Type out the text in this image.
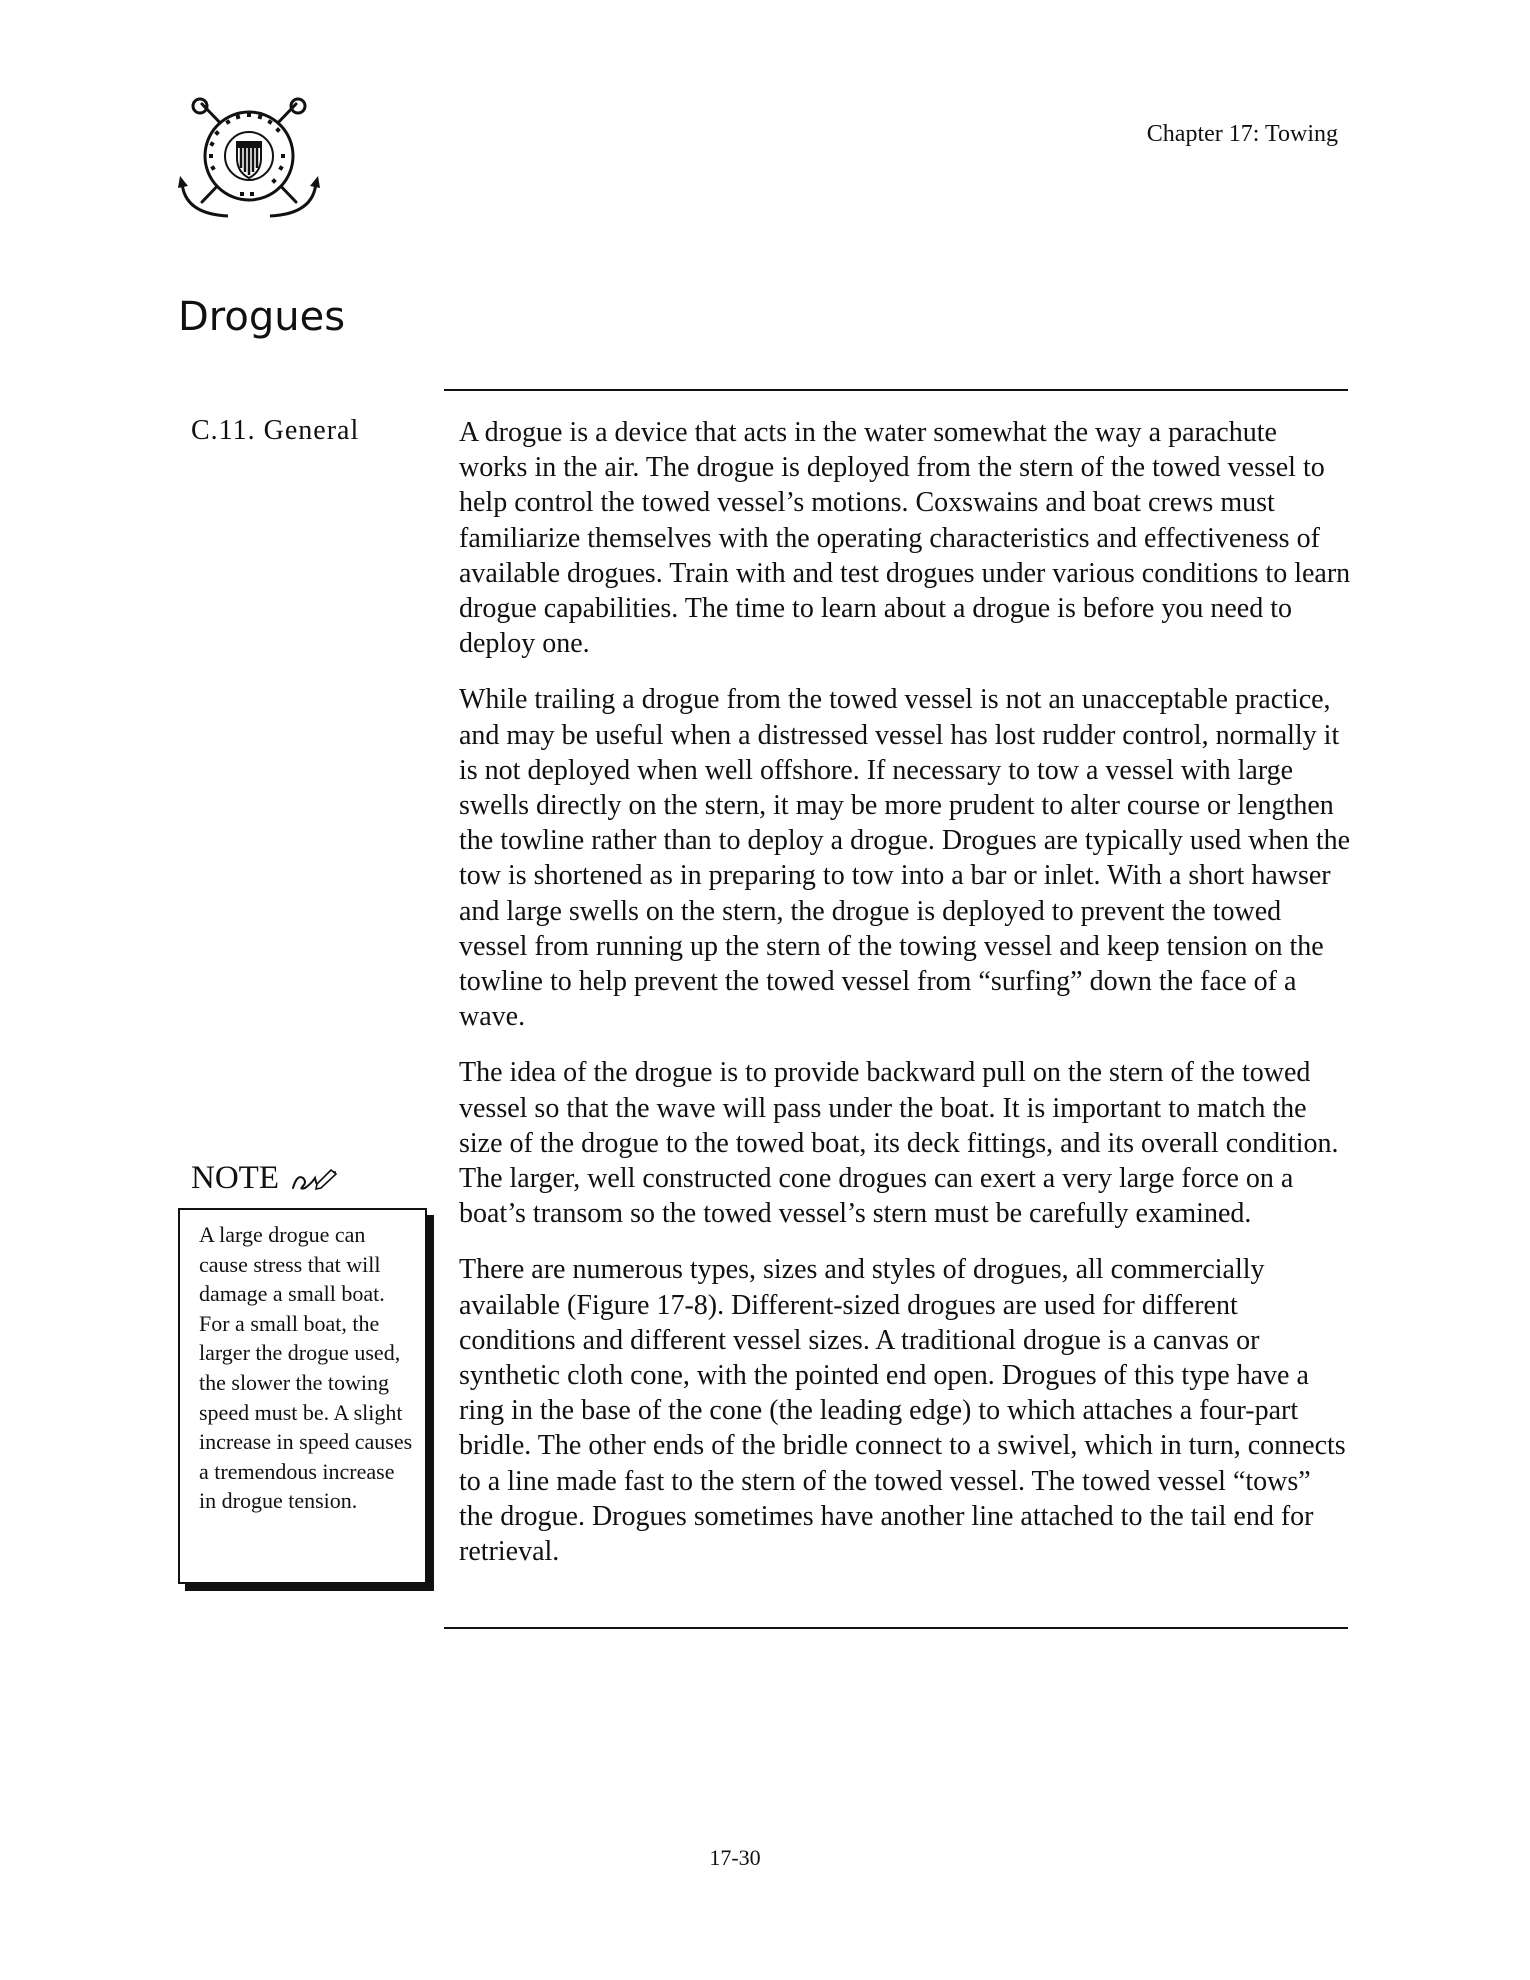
Chapter 17: Towing
Drogues
C.11. General	A drogue is a device that acts in the water somewhat the way a parachute works in the air. The drogue is deployed from the stern of the towed vessel to help control the towed vessel’s motions. Coxswains and boat crews must familiarize themselves with the operating characteristics and effectiveness of available drogues. Train with and test drogues under various conditions to learn drogue capabilities. The time to learn about a drogue is before you need to deploy one.

While trailing a drogue from the towed vessel is not an unacceptable practice, and may be useful when a distressed vessel has lost rudder control, normally it is not deployed when well offshore. If necessary to tow a vessel with large swells directly on the stern, it may be more prudent to alter course or lengthen the towline rather than to deploy a drogue. Drogues are typically used when the tow is shortened as in preparing to tow into a bar or inlet. With a short hawser and large swells on the stern, the drogue is deployed to prevent the towed vessel from running up the stern of the towing vessel and keep tension on the towline to help prevent the towed vessel from “surfing” down the face of a wave.

The idea of the drogue is to provide backward pull on the stern of the towed vessel so that the wave will pass under the boat. It is important to match the size of the drogue to the towed boat, its deck fittings, and its overall condition. The larger, well constructed cone drogues can exert a very large force on a boat’s transom so the towed vessel’s stern must be carefully examined.

There are numerous types, sizes and styles of drogues, all commercially available (Figure 17-8). Different-sized drogues are used for different conditions and different vessel sizes. A traditional drogue is a canvas or synthetic cloth cone, with the pointed end open. Drogues of this type have a ring in the base of the cone (the leading edge) to which attaches a four-part bridle. The other ends of the bridle connect to a swivel, which in turn, connects to a line made fast to the stern of the towed vessel. The towed vessel “tows” the drogue. Drogues sometimes have another line attached to the tail end for retrieval.

NOTE

A large drogue can cause stress that will damage a small boat. For a small boat, the larger the drogue used, the slower the towing speed must be. A slight increase in speed causes a tremendous increase in drogue tension.

17-30
